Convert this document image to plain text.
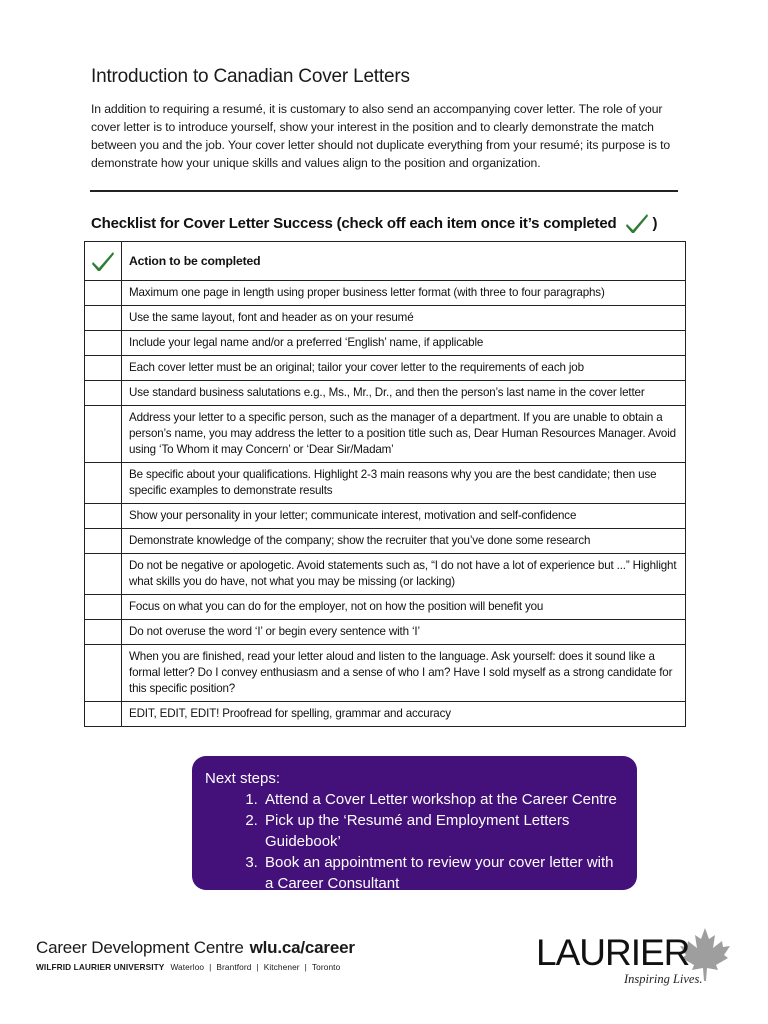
Introduction to Canadian Cover Letters

In addition to requiring a resumé, it is customary to also send an accompanying cover letter. The role of your cover letter is to introduce yourself, show your interest in the position and to clearly demonstrate the match between you and the job. Your cover letter should not duplicate everything from your resumé; its purpose is to demonstrate how your unique skills and values align to the position and organization.

Checklist for Cover Letter Success (check off each item once it’s completed )
	Action to be completed
	Maximum one page in length using proper business letter format (with three to four paragraphs)
	Use the same layout, font and header as on your resumé
	Include your legal name and/or a preferred ‘English’ name, if applicable
	Each cover letter must be an original; tailor your cover letter to the requirements of each job
	Use standard business salutations e.g., Ms., Mr., Dr., and then the person’s last name in the cover letter
	Address your letter to a specific person, such as the manager of a department. If you are unable to obtain a person’s name, you may address the letter to a position title such as, Dear Human Resources Manager. Avoid using ‘To Whom it may Concern’ or ‘Dear Sir/Madam’
	Be specific about your qualifications. Highlight 2-3 main reasons why you are the best candidate; then use specific examples to demonstrate results
	Show your personality in your letter; communicate interest, motivation and self-confidence
	Demonstrate knowledge of the company; show the recruiter that you’ve done some research
	Do not be negative or apologetic. Avoid statements such as, “I do not have a lot of experience but ...” Highlight what skills you do have, not what you may be missing (or lacking)
	Focus on what you can do for the employer, not on how the position will benefit you
	Do not overuse the word ‘I’ or begin every sentence with ‘I’
	When you are finished, read your letter aloud and listen to the language. Ask yourself: does it sound like a formal letter? Do I convey enthusiasm and a sense of who I am? Have I sold myself as a strong candidate for this specific position?
	EDIT, EDIT, EDIT! Proofread for spelling, grammar and accuracy

Next steps:

1. Attend a Cover Letter workshop at the Career Centre
2. Pick up the ‘Resumé and Employment Letters Guidebook’
3. Book an appointment to review your cover letter with a Career Consultant

Career Development Centre wlu.ca/career

WILFRID LAURIER UNIVERSITY Waterloo | Brantford | Kitchener | Toronto	LAURIER

Inspiring Lives.
